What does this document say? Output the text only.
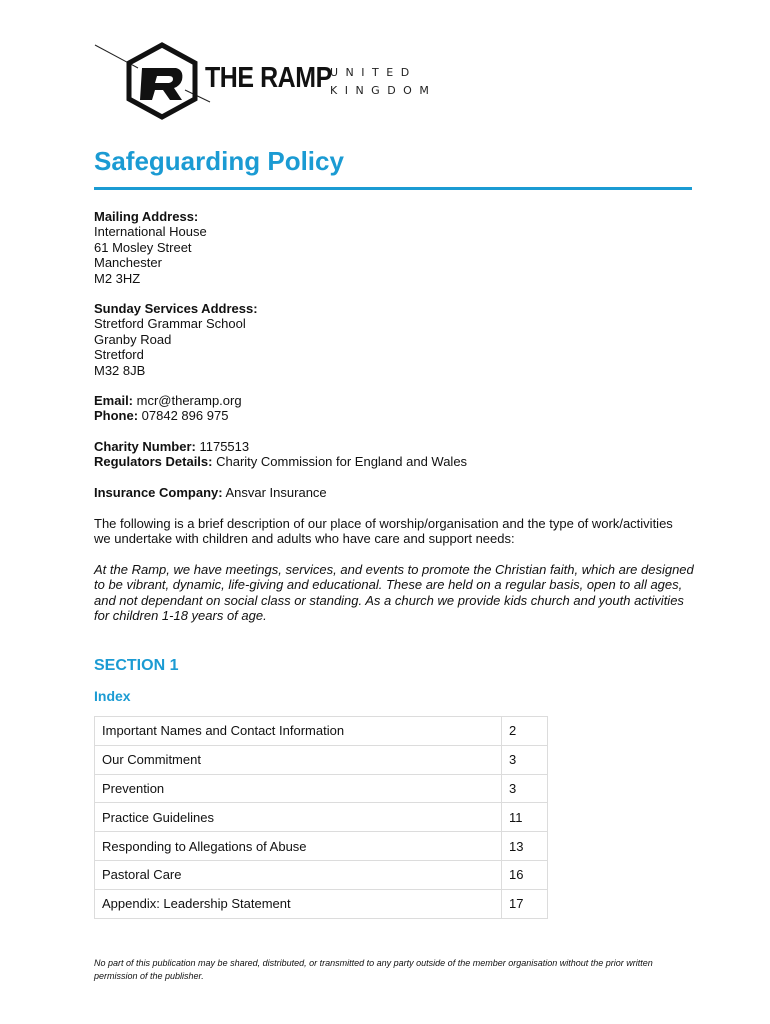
THE RAMP
UNITED
KINGDOM
Safeguarding Policy
Mailing Address:
International House
61 Mosley Street
Manchester
M2 3HZ
Sunday Services Address:
Stretford Grammar School
Granby Road
Stretford
M32 8JB
Email: mcr@theramp.org
Phone: 07842 896 975
Charity Number: 1175513
Regulators Details: Charity Commission for England and Wales
Insurance Company: Ansvar Insurance
The following is a brief description of our place of worship/organisation and the type of work/activities we undertake with children and adults who have care and support needs:
At the Ramp, we have meetings, services, and events to promote the Christian faith, which are designed to be vibrant, dynamic, life-giving and educational. These are held on a regular basis, open to all ages, and not dependant on social class or standing. As a church we provide kids church and youth activities for children 1-18 years of age.
SECTION 1
Index
Important Names and Contact Information	2
Our Commitment	3
Prevention	3
Practice Guidelines	11
Responding to Allegations of Abuse	13
Pastoral Care	16
Appendix: Leadership Statement	17
No part of this publication may be shared, distributed, or transmitted to any party outside of the member organisation without the prior written permission of the publisher.
